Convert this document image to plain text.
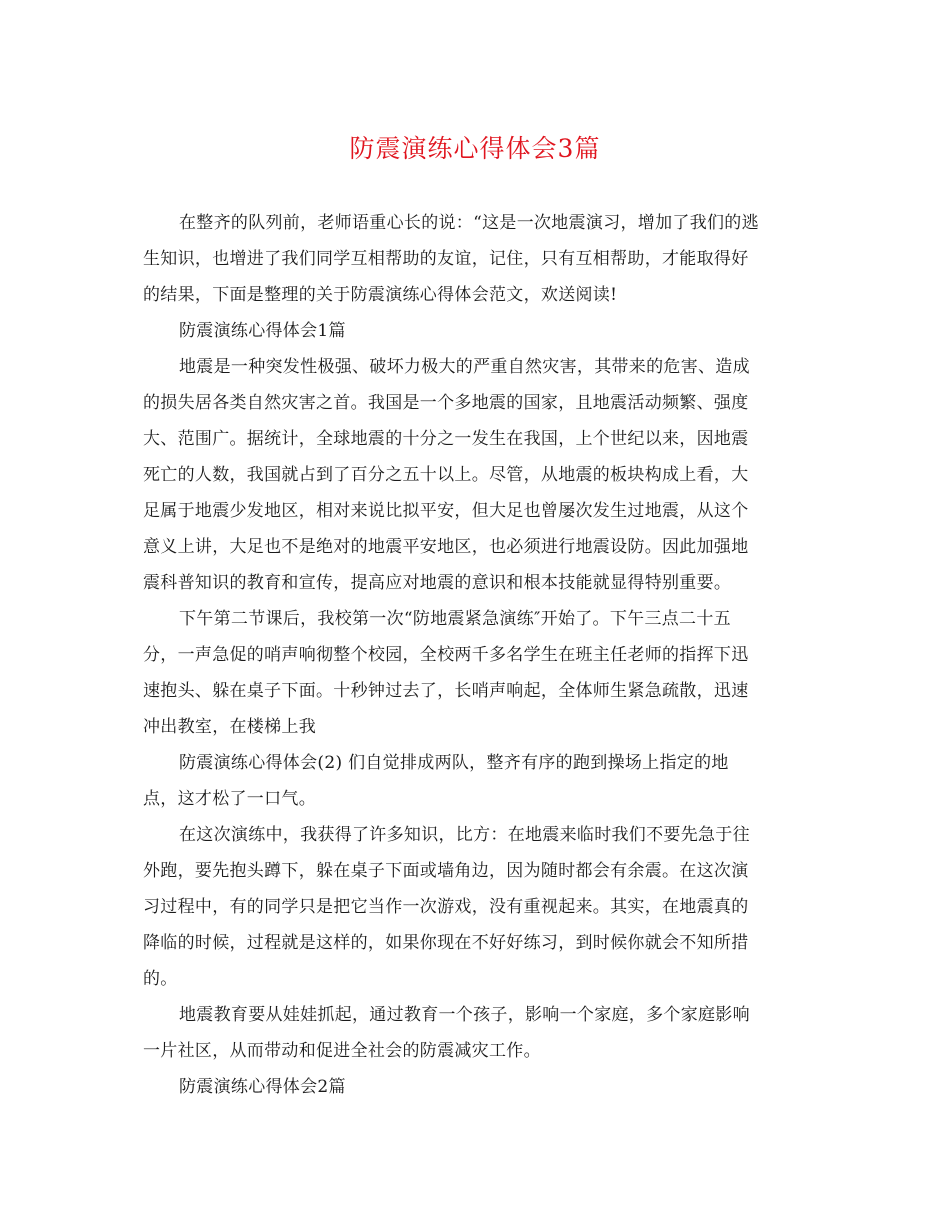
防震演练心得体会3篇

在整齐的队列前，老师语重心长的说：“这是一次地震演习，增加了我们的逃
生知识，也增进了我们同学互相帮助的友谊，记住，只有互相帮助，才能取得好
的结果，下面是整理的关于防震演练心得体会范文，欢送阅读!

防震演练心得体会1篇

地震是一种突发性极强、破坏力极大的严重自然灾害，其带来的危害、造成
的损失居各类自然灾害之首。我国是一个多地震的国家，且地震活动频繁、强度
大、范围广。据统计，全球地震的十分之一发生在我国，上个世纪以来，因地震
死亡的人数，我国就占到了百分之五十以上。尽管，从地震的板块构成上看，大
足属于地震少发地区，相对来说比拟平安，但大足也曾屡次发生过地震，从这个
意义上讲，大足也不是绝对的地震平安地区，也必须进行地震设防。因此加强地
震科普知识的教育和宣传，提高应对地震的意识和根本技能就显得特别重要。

下午第二节课后，我校第一次“防地震紧急演练″开始了。下午三点二十五
分，一声急促的哨声响彻整个校园，全校两千多名学生在班主任老师的指挥下迅
速抱头、躲在桌子下面。十秒钟过去了，长哨声响起，全体师生紧急疏散，迅速
冲出教室，在楼梯上我

防震演练心得体会(2) 们自觉排成两队，整齐有序的跑到操场上指定的地
点，这才松了一口气。

在这次演练中，我获得了许多知识，比方：在地震来临时我们不要先急于往
外跑，要先抱头蹲下，躲在桌子下面或墙角边，因为随时都会有余震。在这次演
习过程中，有的同学只是把它当作一次游戏，没有重视起来。其实，在地震真的
降临的时候，过程就是这样的，如果你现在不好好练习，到时候你就会不知所措
的。

地震教育要从娃娃抓起，通过教育一个孩子，影响一个家庭，多个家庭影响
一片社区，从而带动和促进全社会的防震减灾工作。

防震演练心得体会2篇
